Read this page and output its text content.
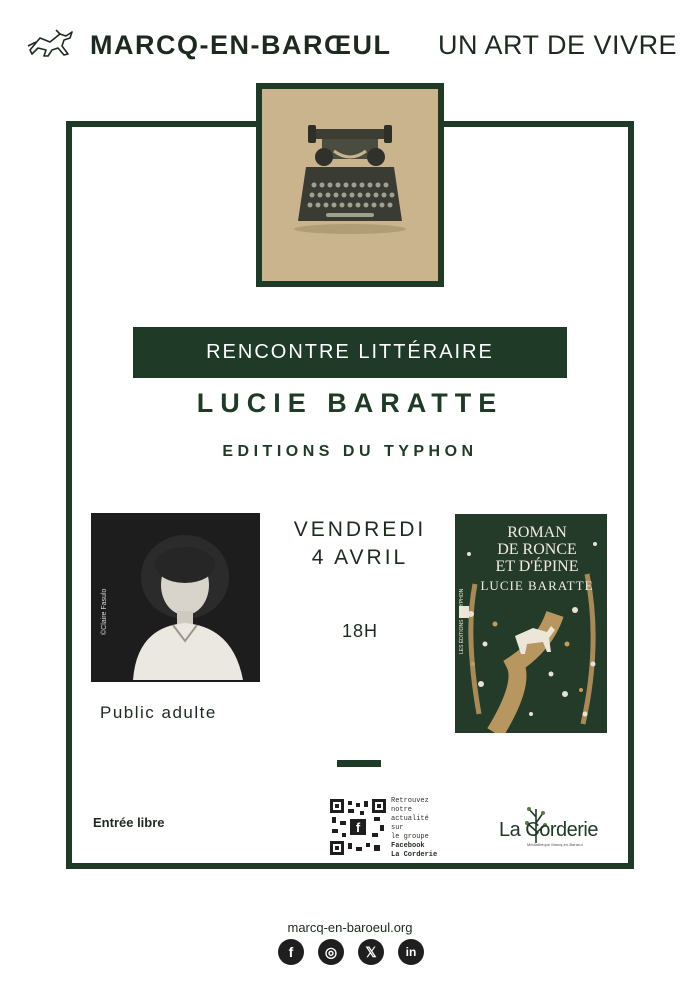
MARCQ-EN-BARŒUL UN ART DE VIVRE
RENCONTRE LITTÉRAIRE
LUCIE BARATTE
EDITIONS DU TYPHON
©Claire Fasulo
Public adulte
VENDREDI
4 AVRIL
18H
ROMAN
DE RONCE
ET D'ÉPINE
LUCIE BARATTE
LES ÉDITIONS DU TYPHON
Entrée libre	f
Retrouvez
notre
actualité
sur
le groupe
Facebook
La Corderie
La Corderie
Médiathèque Marcq-en-Barœul
marcq-en-baroeul.org
f	◎	𝕏	in
